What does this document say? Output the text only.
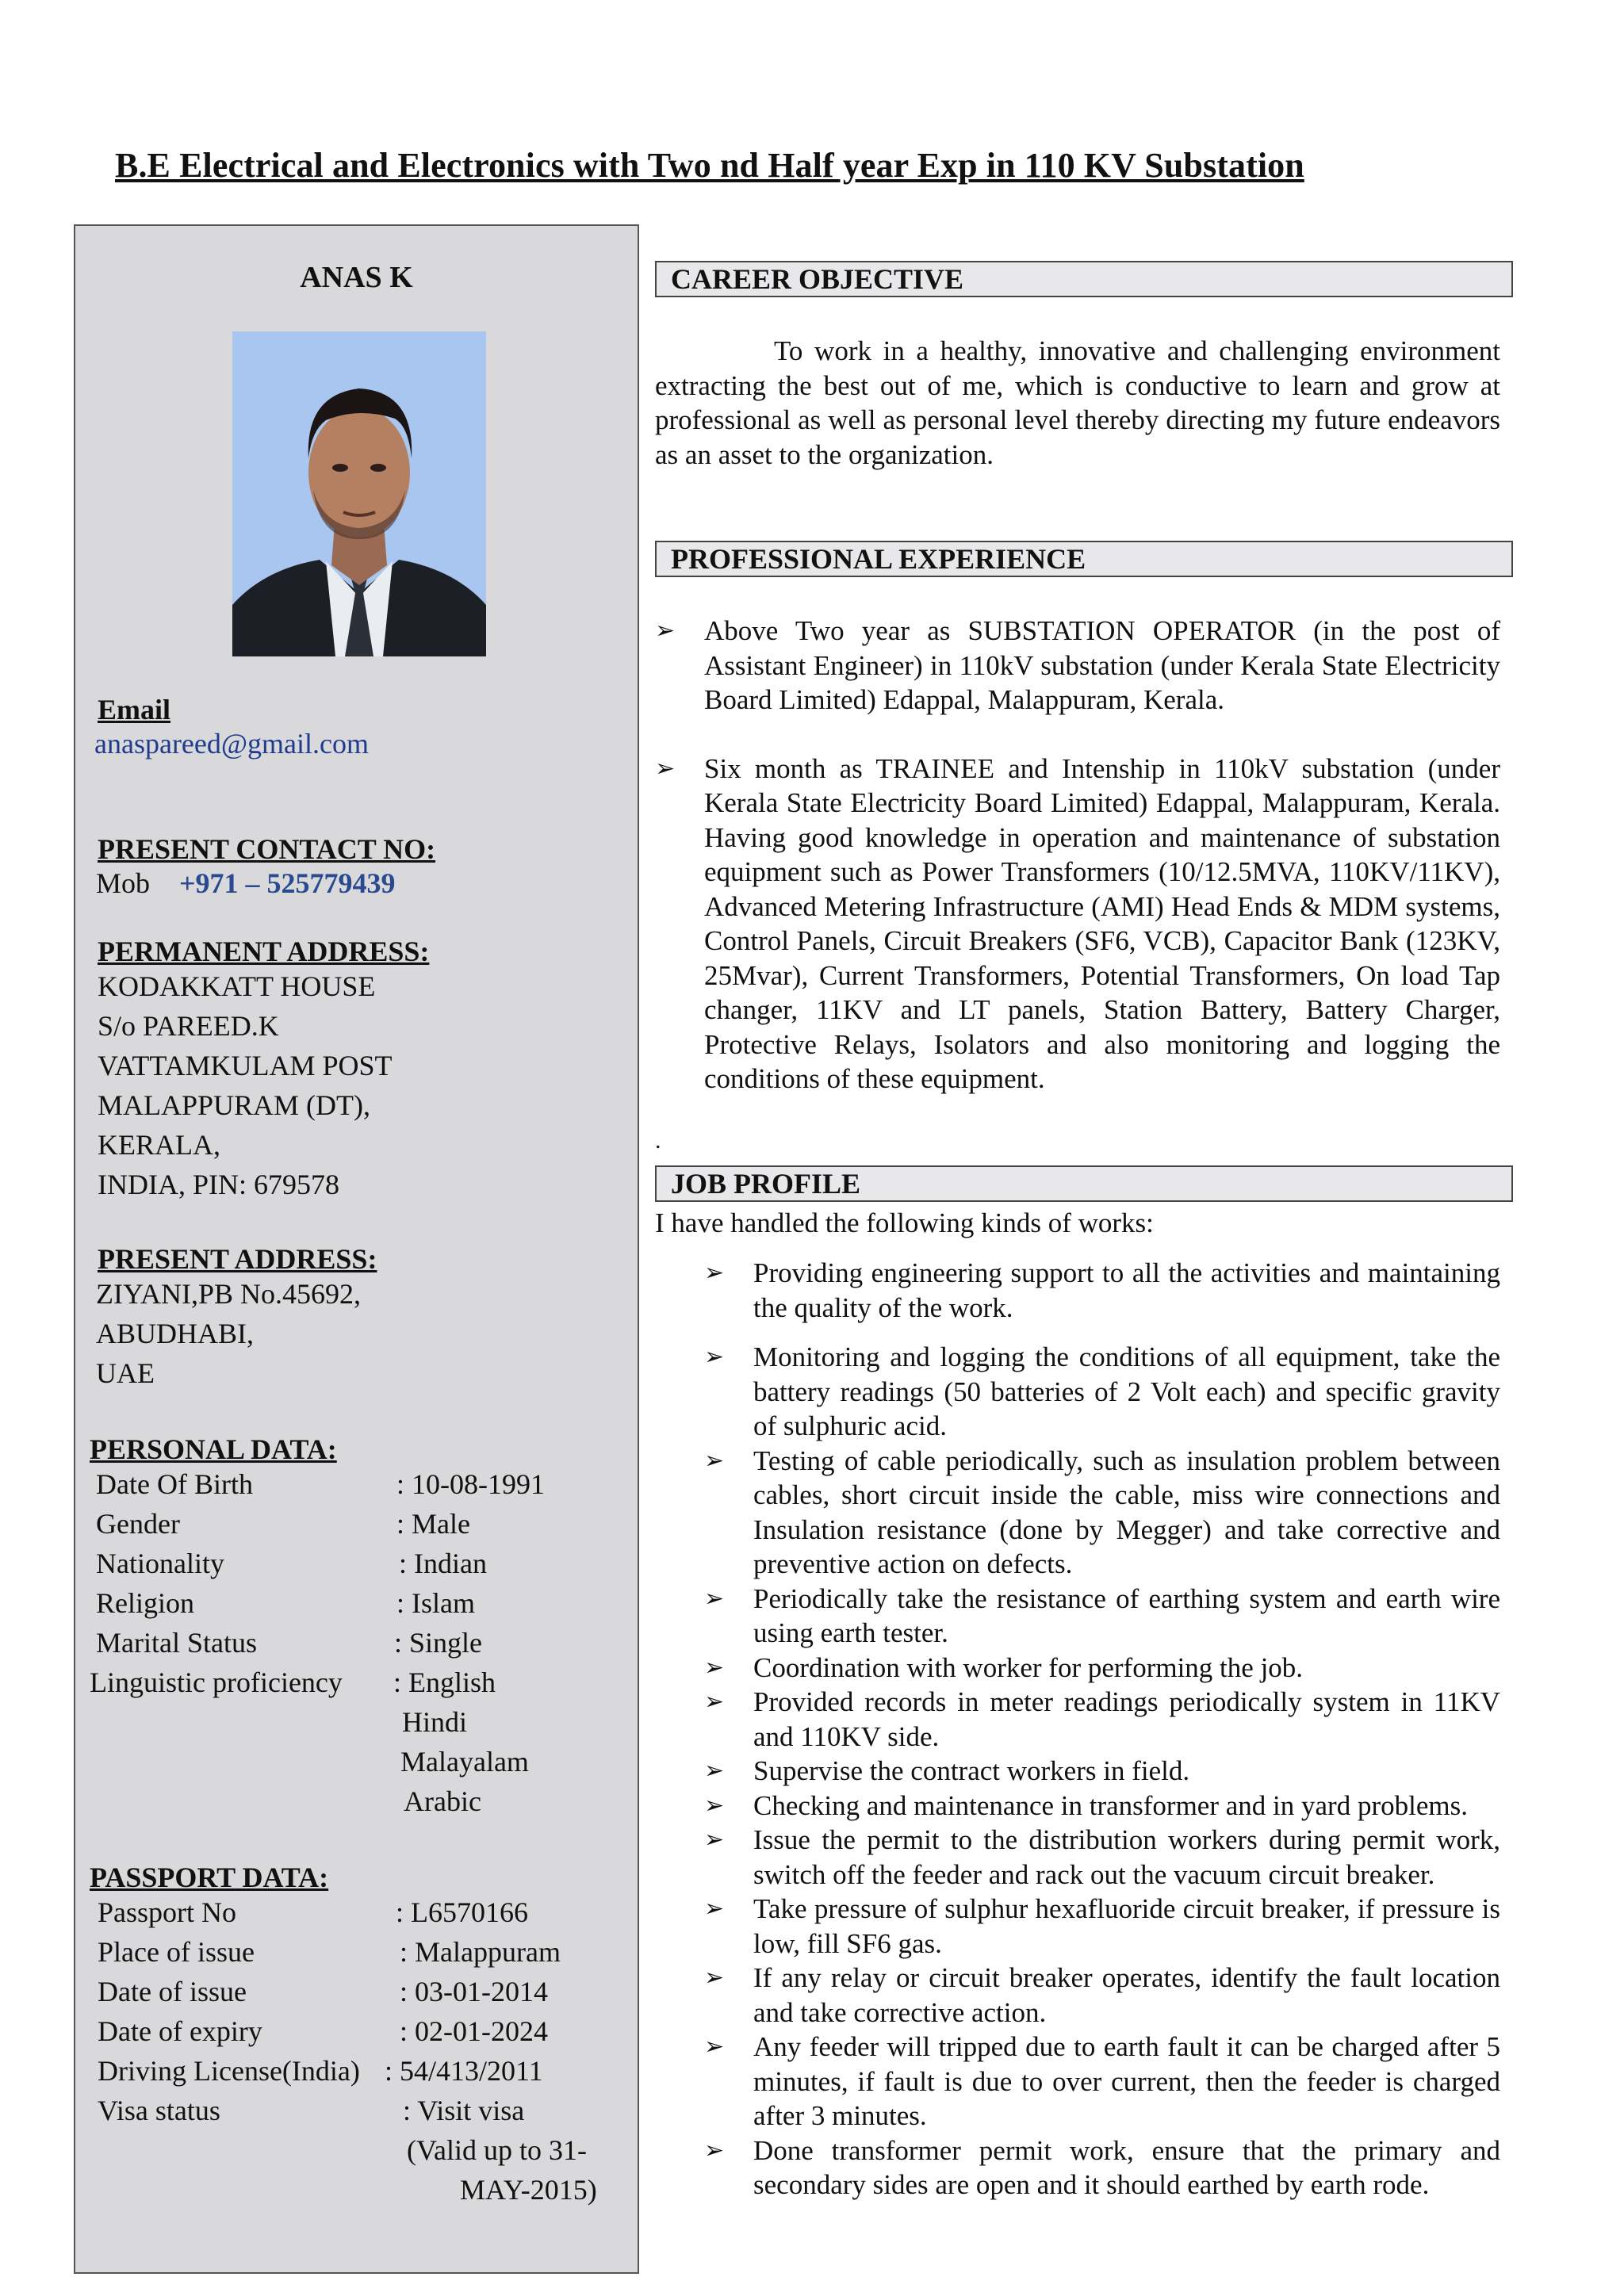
B.E Electrical and Electronics with Two nd Half year Exp in 110 KV Substation
ANAS K
Email
anaspareed@gmail.com
PRESENT CONTACT NO:
Mob +971 – 525779439
PERMANENT ADDRESS:
KODAKKATT HOUSE
S/o PAREED.K
VATTAMKULAM POST
MALAPPURAM (DT),
KERALA,
INDIA, PIN: 679578
PRESENT ADDRESS:
ZIYANI,PB No.45692,
ABUDHABI,
UAE
PERSONAL DATA:
Date Of Birth	: 10-08-1991
Gender	: Male
Nationality	: Indian
Religion	: Islam
Marital Status	: Single
Linguistic proficiency : English
Hindi
Malayalam
Arabic
PASSPORT DATA:
Passport No	: L6570166
Place of issue	: Malappuram
Date of issue	: 03-01-2014
Date of expiry	: 02-01-2024
Driving License(India) : 54/413/2011
Visa status	: Visit visa
(Valid up to 31-
MAY-2015)
CAREER OBJECTIVE
To work in a healthy, innovative and challenging environment extracting the best out of me, which is conductive to learn and grow at professional as well as personal level thereby directing my future endeavors as an asset to the organization.
PROFESSIONAL EXPERIENCE
➢ Above Two year as SUBSTATION OPERATOR (in the post of Assistant Engineer) in 110kV substation (under Kerala State Electricity Board Limited) Edappal, Malappuram, Kerala.
➢ Six month as TRAINEE and Intenship in 110kV substation (under Kerala State Electricity Board Limited) Edappal, Malappuram, Kerala. Having good knowledge in operation and maintenance of substation equipment such as Power Transformers (10/12.5MVA, 110KV/11KV), Advanced Metering Infrastructure (AMI) Head Ends & MDM systems, Control Panels, Circuit Breakers (SF6, VCB), Capacitor Bank (123KV, 25Mvar), Current Transformers, Potential Transformers, On load Tap changer, 11KV and LT panels, Station Battery, Battery Charger, Protective Relays, Isolators and also monitoring and logging the conditions of these equipment.
.
JOB PROFILE
I have handled the following kinds of works:
➢ Providing engineering support to all the activities and maintaining the quality of the work.
➢ Monitoring and logging the conditions of all equipment, take the battery readings (50 batteries of 2 Volt each) and specific gravity of sulphuric acid.
➢ Testing of cable periodically, such as insulation problem between cables, short circuit inside the cable, miss wire connections and Insulation resistance (done by Megger) and take corrective and preventive action on defects.
➢ Periodically take the resistance of earthing system and earth wire using earth tester.
➢ Coordination with worker for performing the job.
➢ Provided records in meter readings periodically system in 11KV and 110KV side.
➢ Supervise the contract workers in field.
➢ Checking and maintenance in transformer and in yard problems.
➢ Issue the permit to the distribution workers during permit work, switch off the feeder and rack out the vacuum circuit breaker.
➢ Take pressure of sulphur hexafluoride circuit breaker, if pressure is low, fill SF6 gas.
➢ If any relay or circuit breaker operates, identify the fault location and take corrective action.
➢ Any feeder will tripped due to earth fault it can be charged after 5 minutes, if fault is due to over current, then the feeder is charged after 3 minutes.
➢ Done transformer permit work, ensure that the primary and secondary sides are open and it should earthed by earth rode.
